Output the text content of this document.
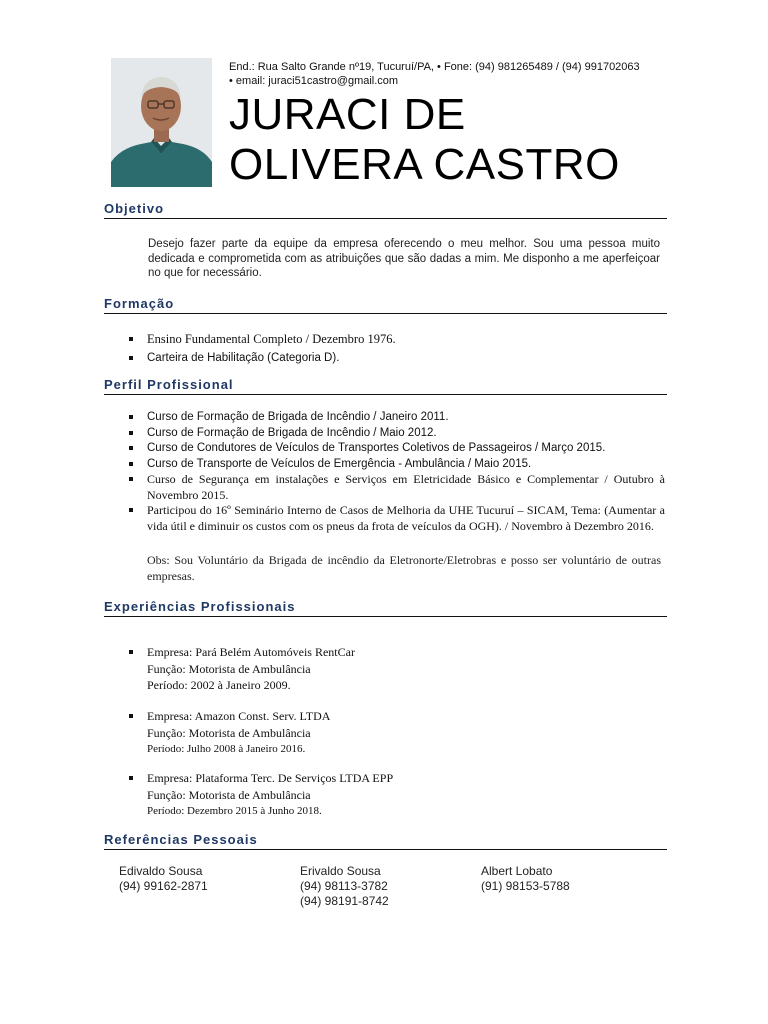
End.: Rua Salto Grande nº19, Tucuruí/PA, • Fone: (94) 981265489 / (94) 991702063
• email: juraci51castro@gmail.com
JURACI DE
OLIVERA CASTRO
Objetivo
Desejo fazer parte da equipe da empresa oferecendo o meu melhor. Sou uma pessoa muito dedicada e comprometida com as atribuições que são dadas a mim. Me disponho a me aperfeiçoar no que for necessário.
Formação
Ensino Fundamental Completo / Dezembro 1976.
Carteira de Habilitação (Categoria D).
Perfil Profissional
Curso de Formação de Brigada de Incêndio / Janeiro 2011.
Curso de Formação de Brigada de Incêndio / Maio 2012.
Curso de Condutores de Veículos de Transportes Coletivos de Passageiros / Março 2015.
Curso de Transporte de Veículos de Emergência - Ambulância / Maio 2015.
Curso de Segurança em instalações e Serviços em Eletricidade Básico e Complementar / Outubro à Novembro 2015.
Participou do 16º Seminário Interno de Casos de Melhoria da UHE Tucuruí – SICAM, Tema: (Aumentar a vida útil e diminuir os custos com os pneus da frota de veículos da OGH). / Novembro à Dezembro 2016.
Obs: Sou Voluntário da Brigada de incêndio da Eletronorte/Eletrobras e posso ser voluntário de outras empresas.
Experiências Profissionais
Empresa: Pará Belém Automóveis RentCar
Função: Motorista de Ambulância
Período: 2002 à Janeiro 2009.
Empresa: Amazon Const. Serv. LTDA
Função: Motorista de Ambulância
Período: Julho 2008 à Janeiro 2016.
Empresa: Plataforma Terc. De Serviços LTDA EPP
Função: Motorista de Ambulância
Período: Dezembro 2015 à Junho 2018.
Referências Pessoais
Edivaldo Sousa
(94) 99162-2871
Erivaldo Sousa
(94) 98113-3782
(94) 98191-8742
Albert Lobato
(91) 98153-5788
